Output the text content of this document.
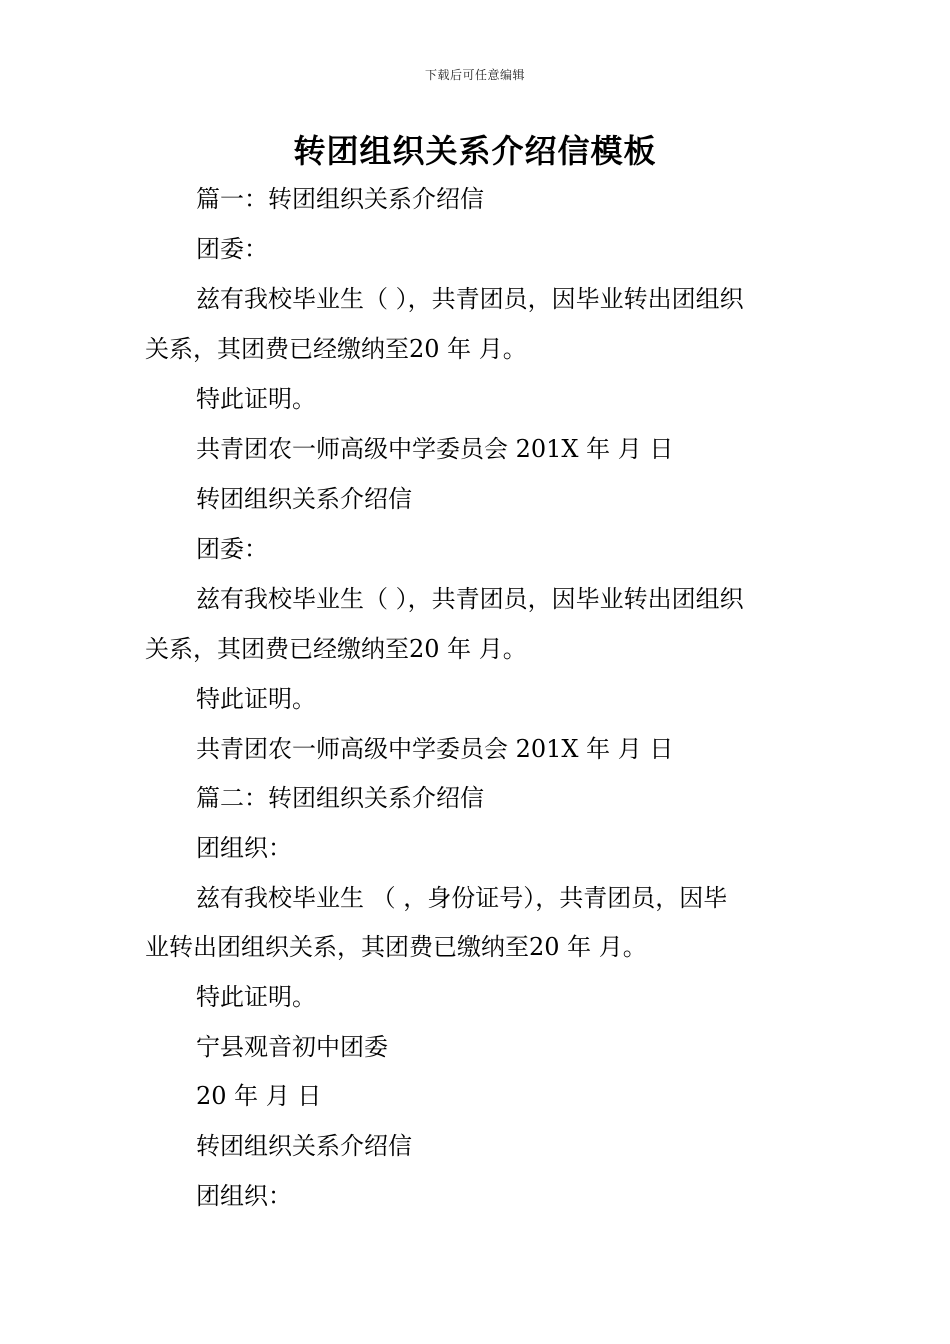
下载后可任意编辑
转团组织关系介绍信模板
篇一：转团组织关系介绍信
团委：
兹有我校毕业生（ ），共青团员，因毕业转出团组织
关系，其团费已经缴纳至20 年 月。
特此证明。
共青团农一师高级中学委员会 201X 年 月 日
转团组织关系介绍信
团委：
兹有我校毕业生（ ），共青团员，因毕业转出团组织
关系，其团费已经缴纳至20 年 月。
特此证明。
共青团农一师高级中学委员会 201X 年 月 日
篇二：转团组织关系介绍信
团组织：
兹有我校毕业生 （ ，身份证号），共青团员，因毕
业转出团组织关系，其团费已缴纳至20 年 月。
特此证明。
宁县观音初中团委
20 年 月 日
转团组织关系介绍信
团组织：
